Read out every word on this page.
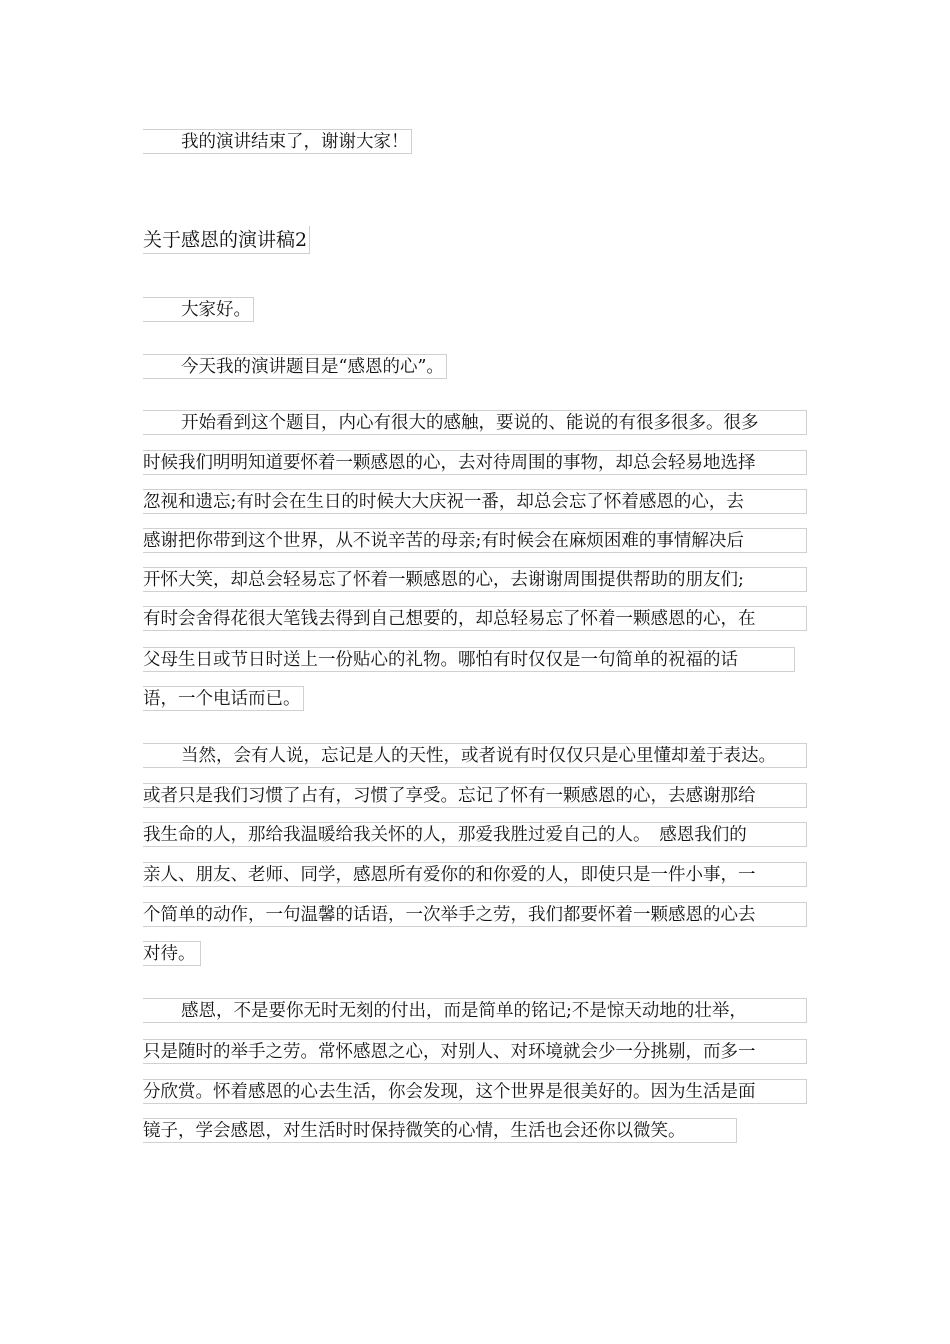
我的演讲结束了，谢谢大家！
关于感恩的演讲稿2
大家好。
今天我的演讲题目是“感恩的心”。
开始看到这个题目，内心有很大的感触，要说的、能说的有很多很多。很多
时候我们明明知道要怀着一颗感恩的心，去对待周围的事物，却总会轻易地选择
忽视和遗忘;有时会在生日的时候大大庆祝一番，却总会忘了怀着感恩的心，去
感谢把你带到这个世界，从不说辛苦的母亲;有时候会在麻烦困难的事情解决后
开怀大笑，却总会轻易忘了怀着一颗感恩的心，去谢谢周围提供帮助的朋友们;
有时会舍得花很大笔钱去得到自己想要的，却总轻易忘了怀着一颗感恩的心，在
父母生日或节日时送上一份贴心的礼物。哪怕有时仅仅是一句简单的祝福的话
语，一个电话而已。
当然，会有人说，忘记是人的天性，或者说有时仅仅只是心里懂却羞于表达。
或者只是我们习惯了占有，习惯了享受。忘记了怀有一颗感恩的心，去感谢那给
我生命的人，那给我温暖给我关怀的人，那爱我胜过爱自己的人。　感恩我们的
亲人、朋友、老师、同学，感恩所有爱你的和你爱的人，即使只是一件小事，一
个简单的动作，一句温馨的话语，一次举手之劳，我们都要怀着一颗感恩的心去
对待。
感恩，不是要你无时无刻的付出，而是简单的铭记;不是惊天动地的壮举，
只是随时的举手之劳。常怀感恩之心，对别人、对环境就会少一分挑剔，而多一
分欣赏。怀着感恩的心去生活，你会发现，这个世界是很美好的。因为生活是面
镜子，学会感恩，对生活时时保持微笑的心情，生活也会还你以微笑。
